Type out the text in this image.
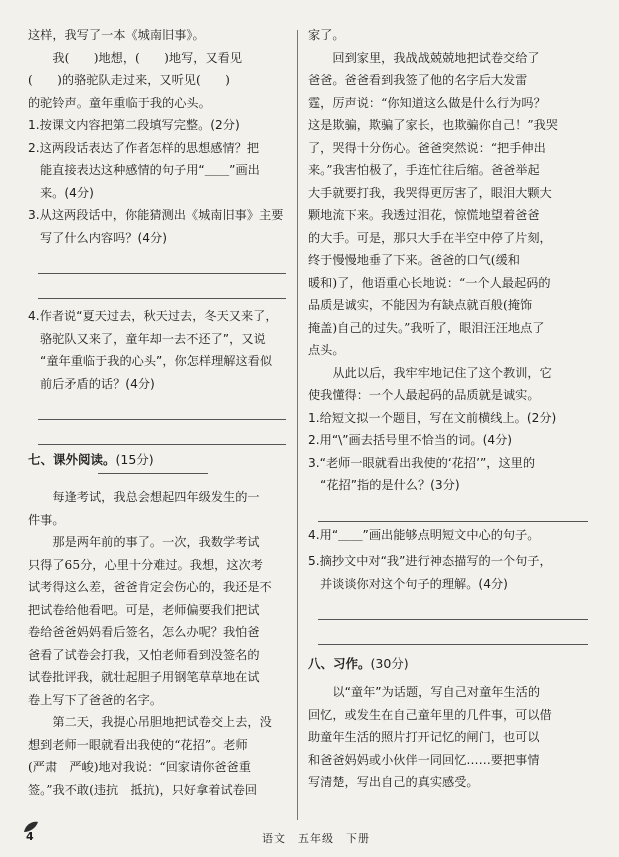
这样，我写了一本《城南旧事》。

我(　　)地想，(　　)地写，又看见

(　　)的骆驼队走过来，又听见(　　)

的驼铃声。童年重临于我的心头。

1.按课文内容把第二段填写完整。(2分)
2.这两段话表达了作者怎样的思想感情？把
能直接表达这种感情的句子用“＿＿”画出
来。(4分)
3.从这两段话中，你能猜测出《城南旧事》主要
写了什么内容吗？(4分)
4.作者说“夏天过去，秋天过去，冬天又来了，
骆驼队又来了，童年却一去不还了”，又说
“童年重临于我的心头”，你怎样理解这看似
前后矛盾的话？(4分)
七、课外阅读。(15分)

每逢考试，我总会想起四年级发生的一

件事。

那是两年前的事了。一次，我数学考试

只得了65分，心里十分难过。我想，这次考

试考得这么差，爸爸肯定会伤心的，我还是不

把试卷给他看吧。可是，老师偏要我们把试

卷给爸爸妈妈看后签名，怎么办呢？我怕爸

爸看了试卷会打我，又怕老师看到没签名的

试卷批评我，就壮起胆子用钢笔草草地在试

卷上写下了爸爸的名字。

第二天，我提心吊胆地把试卷交上去，没

想到老师一眼就看出我使的“花招”。老师

(严肃　严峻)地对我说：“回家请你爸爸重

签。”我不敢(违抗　抵抗)，只好拿着试卷回

家了。

回到家里，我战战兢兢地把试卷交给了

爸爸。爸爸看到我签了他的名字后大发雷

霆，厉声说：“你知道这么做是什么行为吗？

这是欺骗，欺骗了家长，也欺骗你自己！”我哭

了，哭得十分伤心。爸爸突然说：“把手伸出

来。”我害怕极了，手连忙往后缩。爸爸举起

大手就要打我，我哭得更厉害了，眼泪大颗大

颗地流下来。我透过泪花，惊慌地望着爸爸

的大手。可是，那只大手在半空中停了片刻，

终于慢慢地垂了下来。爸爸的口气(缓和

暖和)了，他语重心长地说：“一个人最起码的

品质是诚实，不能因为有缺点就百般(掩饰

掩盖)自己的过失。”我听了，眼泪汪汪地点了

点头。

从此以后，我牢牢地记住了这个教训，它

使我懂得：一个人最起码的品质就是诚实。

1.给短文拟一个题目，写在文前横线上。(2分)
2.用“\”画去括号里不恰当的词。(4分)
3.“老师一眼就看出我使的‘花招’”，这里的
“花招”指的是什么？(3分)
4.用“＿＿”画出能够点明短文中心的句子。
5.摘抄文中对“我”进行神态描写的一个句子，
并谈谈你对这个句子的理解。(4分)
八、习作。(30分)
以“童年”为话题，写自己对童年生活的
回忆，或发生在自己童年里的几件事，可以借
助童年生活的照片打开记忆的闸门，也可以
和爸爸妈妈或小伙伴一同回忆……要把事情
写清楚，写出自己的真实感受。
4	语文　五年级　下册
